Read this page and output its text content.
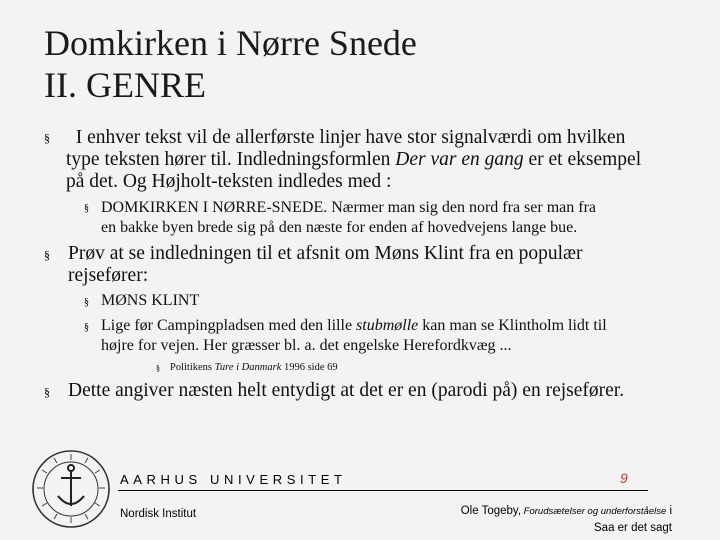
Domkirken i Nørre Snede
II. GENRE
§ I enhver tekst vil de allerførste linjer have stor signalværdi om hvilken
type teksten hører til. Indledningsformlen Der var en gang er et eksempel
på det. Og Højholt-teksten indledes med :
§ DOMKIRKEN I NØRRE-SNEDE. Nærmer man sig den nord fra ser man fra
en bakke byen brede sig på den næste for enden af hovedvejens lange bue.
§ Prøv at se indledningen til et afsnit om Møns Klint fra en populær
rejsefører:
§ MØNS KLINT
§ Lige før Campingpladsen med den lille stubmølle kan man se Klintholm lidt til
højre for vejen. Her græsser bl. a. det engelske Herefordkvæg ...
§ Politikens Ture i Danmark 1996 side 69
§ Dette angiver næsten helt entydigt at det er en (parodi på) en rejsefører.
AARHUS UNIVERSITET
Nordisk Institut
9
Ole Togeby, Forudsætelser og underforståelse i
Saa er det sagt
